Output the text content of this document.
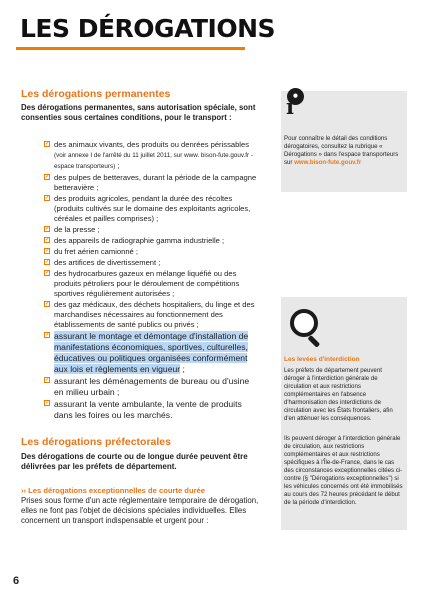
LES DÉROGATIONS
Les dérogations permanentes

Des dérogations permanentes, sans autorisation spéciale, sont consenties sous certaines conditions, pour le transport :

✓ des animaux vivants, des produits ou denrées périssables (voir annexe I de l'arrêté du 11 juillet 2011, sur www. bison-fute.gouv.fr - espace transporteurs) ;
✓ des pulpes de betteraves, durant la période de la campagne betteravière ;
✓ des produits agricoles, pendant la durée des récoltes (produits cultivés sur le domaine des exploitants agricoles, céréales et pailles comprises) ;
✓ de la presse ;
✓ des appareils de radiographie gamma industrielle ;
✓ du fret aérien camionné ;
✓ des artifices de divertissement ;
✓ des hydrocarbures gazeux en mélange liquéfié ou des produits pétroliers pour le déroulement de compétitions sportives régulièrement autorisées ;
✓ des gaz médicaux, des déchets hospitaliers, du linge et des marchandises nécessaires au fonctionnement des établissements de santé publics ou privés ;
✓ assurant le montage et démontage d'installation de manifestations économiques, sportives, culturelles, éducatives ou politiques organisées conformément aux lois et règlements en vigueur ;
✓ assurant les déménagements de bureau ou d'usine en milieu urbain ;
✓ assurant la vente ambulante, la vente de produits dans les foires ou les marchés.
Les dérogations préfectorales

Des dérogations de courte ou de longue durée peuvent être délivrées par les préfets de département.

›› Les dérogations exceptionnelles de courte durée

Prises sous forme d'un acte réglementaire temporaire de dérogation, elles ne font pas l'objet de décisions spéciales individuelles. Elles concernent un transport indispensable et urgent pour :

•
i

Pour connaître le détail des conditions dérogatoires, consultez la rubrique « Dérogations » dans l'espace transporteurs sur www.bison-fute.gouv.fr

Les levées d'interdiction

Les préfets de département peuvent déroger à l'interdiction générale de circulation et aux restrictions complémentaires en l'absence d'harmonisation des interdictions de circulation avec les États frontaliers, afin d'en atténuer les conséquences.

Ils peuvent déroger à l'interdiction générale de circulation, aux restrictions complémentaires et aux restrictions spécifiques à l'Île-de-France, dans le cas des circonstances exceptionnelles citées ci-contre (§ "Dérogations exceptionnelles") si les véhicules concernés ont été immobilisés au cours des 72 heures précédant le début de la période d'interdiction.

6
